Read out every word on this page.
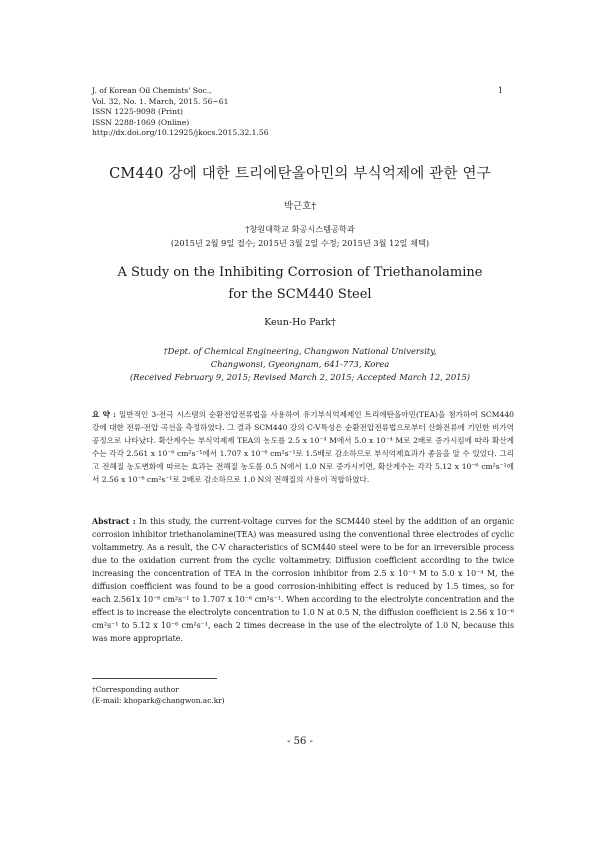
J. of Korean Oil Chemists' Soc.,
Vol. 32, No. 1. March, 2015. 56~61
ISSN 1225-9098 (Print)
ISSN 2288-1069 (Online)
http://dx.doi.org/10.12925/jkocs.2015.32.1.56
1
CM440 강에 대한 트리에탄올아민의 부식억제에 관한 연구
박근호†
†창원대학교 화공시스템공학과
(2015년 2월 9일 접수; 2015년 3월 2일 수정; 2015년 3월 12일 채택)
A Study on the Inhibiting Corrosion of Triethanolamine
for the SCM440 Steel
Keun-Ho Park†
†Dept. of Chemical Engineering, Changwon National University,
Changwonsi, Gyeongnam, 641-773, Korea
(Received February 9, 2015; Revised March 2, 2015; Accepted March 12, 2015)
요 약 : 일반적인 3-전극 시스템의 순환전압전류법을 사용하여 유기부식억제제인 트리에탄올아민(TEA)을 첨가하여 SCM440 강에 대한 전류-전압 곡선을 측정하였다. 그 결과 SCM440 강의 C-V특성은 순환전압전류법으로부터 산화전류에 기인한 비가역 공정으로 나타났다. 확산계수는 부식억제제 TEA의 농도를 2.5 x 10⁻⁴ M에서 5.0 x 10⁻⁴ M로 2배로 증가시킴에 따라 확산계수는 각각 2.561 x 10⁻⁶ cm²s⁻¹에서 1.707 x 10⁻⁶ cm²s⁻¹로 1.5배로 감소하므로 부식억제효과가 좋음을 알 수 있었다. 그리고 전해질 농도변화에 따르는 효과는 전해질 농도를 0.5 N에서 1.0 N로 증가시키면, 확산계수는 각각 5.12 x 10⁻⁶ cm²s⁻¹에서 2.56 x 10⁻⁶ cm²s⁻¹로 2배로 감소하므로 1.0 N의 전해질의 사용이 적합하였다.
Abstract : In this study, the current-voltage curves for the SCM440 steel by the addition of an organic corrosion inhibitor triethanolamine(TEA) was measured using the conventional three electrodes of cyclic voltammetry. As a result, the C-V characteristics of SCM440 steel were to be for an irreversible process due to the oxidation current from the cyclic voltammetry. Diffusion coefficient according to the twice increasing the concentration of TEA in the corrosion inhibitor from 2.5 x 10⁻⁴ M to 5.0 x 10⁻⁴ M, the diffusion coefficient was found to be a good corrosion-inhibiting effect is reduced by 1.5 times, so for each 2.561x 10⁻⁶ cm²s⁻¹ to 1.707 x 10⁻⁶ cm²s⁻¹. When according to the electrolyte concentration and the effect is to increase the electrolyte concentration to 1.0 N at 0.5 N, the diffusion coefficient is 2.56 x 10⁻⁶ cm²s⁻¹ to 5.12 x 10⁻⁶ cm²s⁻¹, each 2 times decrease in the use of the electrolyte of 1.0 N, because this was more appropriate.
†Corresponding author
(E-mail: khopark@changwon.ac.kr)
- 56 -
